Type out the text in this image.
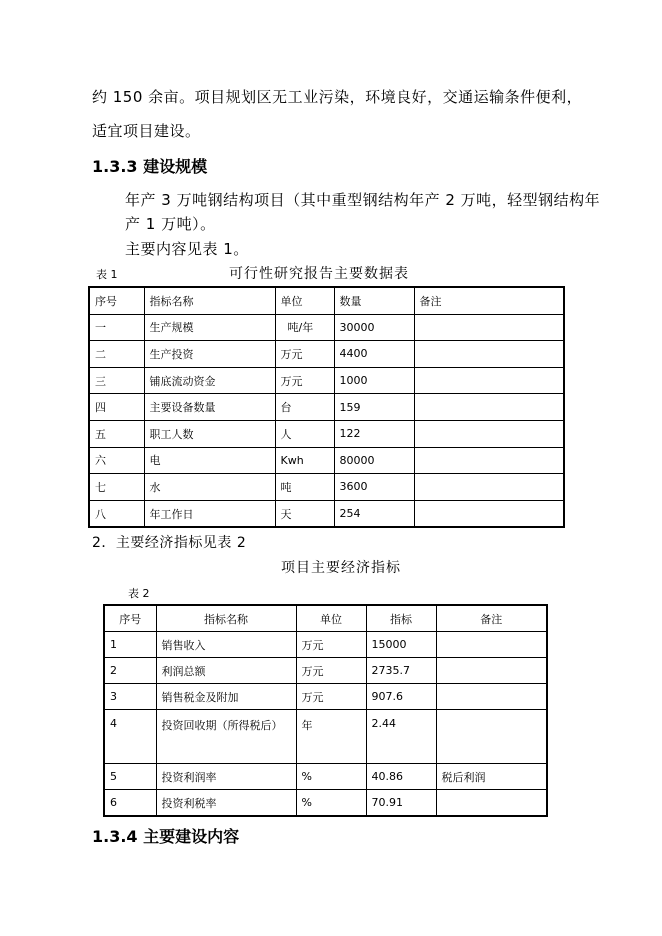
约 150 余亩。项目规划区无工业污染，环境良好，交通运输条件便利，
适宜项目建设。
1.3.3 建设规模
年产 3 万吨钢结构项目（其中重型钢结构年产 2 万吨，轻型钢结构年
产 1 万吨）。
主要内容见表 1。
表 1	可行性研究报告主要数据表
序号	指标名称	单位	数量	备注
一	生产规模	吨/年	30000	
二	生产投资	万元	4400	
三	铺底流动资金	万元	1000	
四	主要设备数量	台	159	
五	职工人数	人	122	
六	电	Kwh	80000	
七	水	吨	3600	
八	年工作日	天	254	
2．主要经济指标见表 2
项目主要经济指标
表 2
序号	指标名称	单位	指标	备注
1	销售收入	万元	15000	
2	利润总额	万元	2735.7	
3	销售税金及附加	万元	907.6	
4	投资回收期（所得税后）	年	2.44	
5	投资利润率	%	40.86	税后利润
6	投资利税率	%	70.91	
1.3.4 主要建设内容
